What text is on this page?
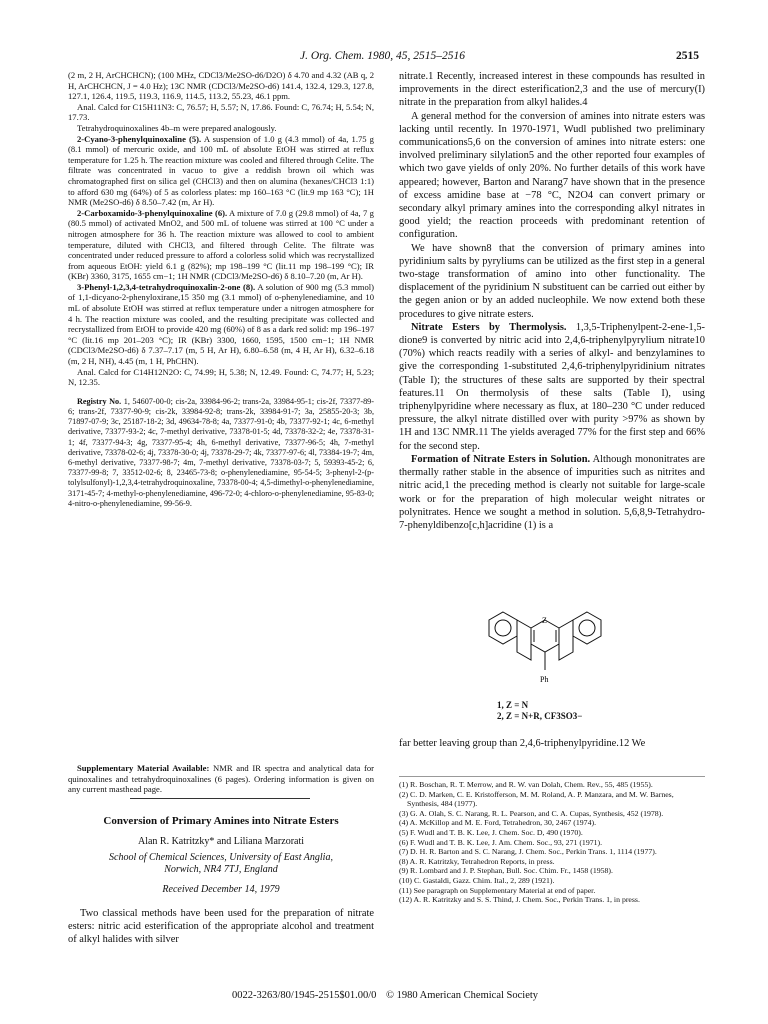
J. Org. Chem. 1980, 45, 2515–2516	2515

(2 m, 2 H, ArCHCHCN); (100 MHz, CDCl3/Me2SO-d6/D2O) δ 4.70 and 4.32 (AB q, 2 H, ArCHCHCN, J = 4.0 Hz); 13C NMR (CDCl3/Me2SO-d6) 141.4, 132.4, 129.3, 127.8, 127.1, 126.4, 119.5, 119.3, 116.9, 114.5, 113.2, 55.23, 46.1 ppm.

Anal. Calcd for C15H11N3: C, 76.57; H, 5.57; N, 17.86. Found: C, 76.74; H, 5.54; N, 17.73.

Tetrahydroquinoxalines 4b–m were prepared analogously.

2-Cyano-3-phenylquinoxaline (5). A suspension of 1.0 g (4.3 mmol) of 4a, 1.75 g (8.1 mmol) of mercuric oxide, and 100 mL of absolute EtOH was stirred at reflux temperature for 1.25 h. The reaction mixture was cooled and filtered through Celite. The filtrate was concentrated in vacuo to give a reddish brown oil which was chromatographed first on silica gel (CHCl3) and then on alumina (hexanes/CHCl3 1:1) to afford 630 mg (64%) of 5 as colorless plates: mp 160–163 °C (lit.9 mp 163 °C); 1H NMR (Me2SO-d6) δ 8.50–7.42 (m, Ar H).

2-Carboxamido-3-phenylquinoxaline (6). A mixture of 7.0 g (29.8 mmol) of 4a, 7 g (80.5 mmol) of activated MnO2, and 500 mL of toluene was stirred at 100 °C under a nitrogen atmosphere for 36 h. The reaction mixture was allowed to cool to ambient temperature, diluted with CHCl3, and filtered through Celite. The filtrate was concentrated under reduced pressure to afford a colorless solid which was recrystallized from aqueous EtOH: yield 6.1 g (82%); mp 198–199 °C (lit.11 mp 198–199 °C); IR (KBr) 3360, 3175, 1655 cm−1; 1H NMR (CDCl3/Me2SO-d6) δ 8.10–7.20 (m, Ar H).

3-Phenyl-1,2,3,4-tetrahydroquinoxalin-2-one (8). A solution of 900 mg (5.3 mmol) of 1,1-dicyano-2-phenyloxirane,15 350 mg (3.1 mmol) of o-phenylenediamine, and 10 mL of absolute EtOH was stirred at reflux temperature under a nitrogen atmosphere for 4 h. The reaction mixture was cooled, and the resulting precipitate was collected and recrystallized from EtOH to provide 420 mg (60%) of 8 as a dark red solid: mp 196–197 °C (lit.16 mp 201–203 °C); IR (KBr) 3300, 1660, 1595, 1500 cm−1; 1H NMR (CDCl3/Me2SO-d6) δ 7.37–7.17 (m, 5 H, Ar H), 6.80–6.58 (m, 4 H, Ar H), 6.32–6.18 (m, 2 H, NH), 4.45 (m, 1 H, PhCHN).

Anal. Calcd for C14H12N2O: C, 74.99; H, 5.38; N, 12.49. Found: C, 74.77; H, 5.23; N, 12.35.

Registry No. 1, 54607-00-0; cis-2a, 33984-96-2; trans-2a, 33984-95-1; cis-2f, 73377-89-6; trans-2f, 73377-90-9; cis-2k, 33984-92-8; trans-2k, 33984-91-7; 3a, 25855-20-3; 3b, 71897-07-9; 3c, 25187-18-2; 3d, 49634-78-8; 4a, 73377-91-0; 4b, 73377-92-1; 4c, 6-methyl derivative, 73377-93-2; 4c, 7-methyl derivative, 73378-01-5; 4d, 73378-32-2; 4e, 73378-31-1; 4f, 73377-94-3; 4g, 73377-95-4; 4h, 6-methyl derivative, 73377-96-5; 4h, 7-methyl derivative, 73378-02-6; 4j, 73378-30-0; 4j, 73378-29-7; 4k, 73377-97-6; 4l, 73384-19-7; 4m, 6-methyl derivative, 73377-98-7; 4m, 7-methyl derivative, 73378-03-7; 5, 59393-45-2; 6, 73377-99-8; 7, 33512-02-6; 8, 23465-73-8; o-phenylenediamine, 95-54-5; 3-phenyl-2-(p-tolylsulfonyl)-1,2,3,4-tetrahydroquinoxaline, 73378-00-4; 4,5-dimethyl-o-phenylenediamine, 3171-45-7; 4-methyl-o-phenylenediamine, 496-72-0; 4-chloro-o-phenylenediamine, 95-83-0; 4-nitro-o-phenylenediamine, 99-56-9.

Supplementary Material Available: NMR and IR spectra and analytical data for quinoxalines and tetrahydroquinoxalines (6 pages). Ordering information is given on any current masthead page.

Conversion of Primary Amines into Nitrate Esters
Alan R. Katritzky* and Liliana Marzorati
School of Chemical Sciences, University of East Anglia,
Norwich, NR4 7TJ, England
Received December 14, 1979
Two classical methods have been used for the preparation of nitrate esters: nitric acid esterification of the appropriate alcohol and treatment of alkyl halides with silver

nitrate.1 Recently, increased interest in these compounds has resulted in improvements in the direct esterification2,3 and the use of mercury(I) nitrate in the preparation from alkyl halides.4

A general method for the conversion of amines into nitrate esters was lacking until recently. In 1970-1971, Wudl published two preliminary communications5,6 on the conversion of amines into nitrate esters: one involved preliminary silylation5 and the other reported four examples of which two gave yields of only 20%. No further details of this work have appeared; however, Barton and Narang7 have shown that in the presence of excess amidine base at −78 °C, N2O4 can convert primary or secondary alkyl primary amines into the corresponding alkyl nitrates in good yield; the reaction proceeds with predominant retention of configuration.

We have shown8 that the conversion of primary amines into pyridinium salts by pyryliums can be utilized as the first step in a general two-stage transformation of amino into other functionality. The displacement of the pyridinium N substituent can be carried out either by the gegen anion or by an added nucleophile. We now extend both these procedures to give nitrate esters.

Nitrate Esters by Thermolysis. 1,3,5-Triphenylpent-2-ene-1,5-dione9 is converted by nitric acid into 2,4,6-triphenylpyrylium nitrate10 (70%) which reacts readily with a series of alkyl- and benzylamines to give the corresponding 1-substituted 2,4,6-triphenylpyridinium nitrates (Table I); the structures of these salts are supported by their spectral features.11 On thermolysis of these salts (Table I), using triphenylpyridine where necessary as flux, at 180–230 °C under reduced pressure, the alkyl nitrate distilled over with purity >97% as shown by 1H and 13C NMR.11 The yields averaged 77% for the first step and 66% for the second step.

Formation of Nitrate Esters in Solution. Although mononitrates are thermally rather stable in the absence of impurities such as nitrites and nitric acid,1 the preceding method is clearly not suitable for large-scale work or for the preparation of high molecular weight nitrates or polynitrates. Hence we sought a method in solution. 5,6,8,9-Tetrahydro-7-phenyldibenzo[c,h]acridine (1) is a

Z
Ph
1, Z = N
2, Z = N+R, CF3SO3−
far better leaving group than 2,4,6-triphenylpyridine.12 We
(1) R. Boschan, R. T. Merrow, and R. W. van Dolah, Chem. Rev., 55, 485 (1955).
(2) C. D. Marken, C. E. Kristofferson, M. M. Roland, A. P. Manzara, and M. W. Barnes, Synthesis, 484 (1977).
(3) G. A. Olah, S. C. Narang, R. L. Pearson, and C. A. Cupas, Synthesis, 452 (1978).
(4) A. McKillop and M. E. Ford, Tetrahedron, 30, 2467 (1974).
(5) F. Wudl and T. B. K. Lee, J. Chem. Soc. D, 490 (1970).
(6) F. Wudl and T. B. K. Lee, J. Am. Chem. Soc., 93, 271 (1971).
(7) D. H. R. Barton and S. C. Narang, J. Chem. Soc., Perkin Trans. 1, 1114 (1977).
(8) A. R. Katritzky, Tetrahedron Reports, in press.
(9) R. Lombard and J. P. Stephan, Bull. Soc. Chim. Fr., 1458 (1958).
(10) C. Gastaldi, Gazz. Chim. Ital., 2, 289 (1921).
(11) See paragraph on Supplementary Material at end of paper.
(12) A. R. Katritzky and S. S. Thind, J. Chem. Soc., Perkin Trans. 1, in press.
0022-3263/80/1945-2515$01.00/0 © 1980 American Chemical Society
